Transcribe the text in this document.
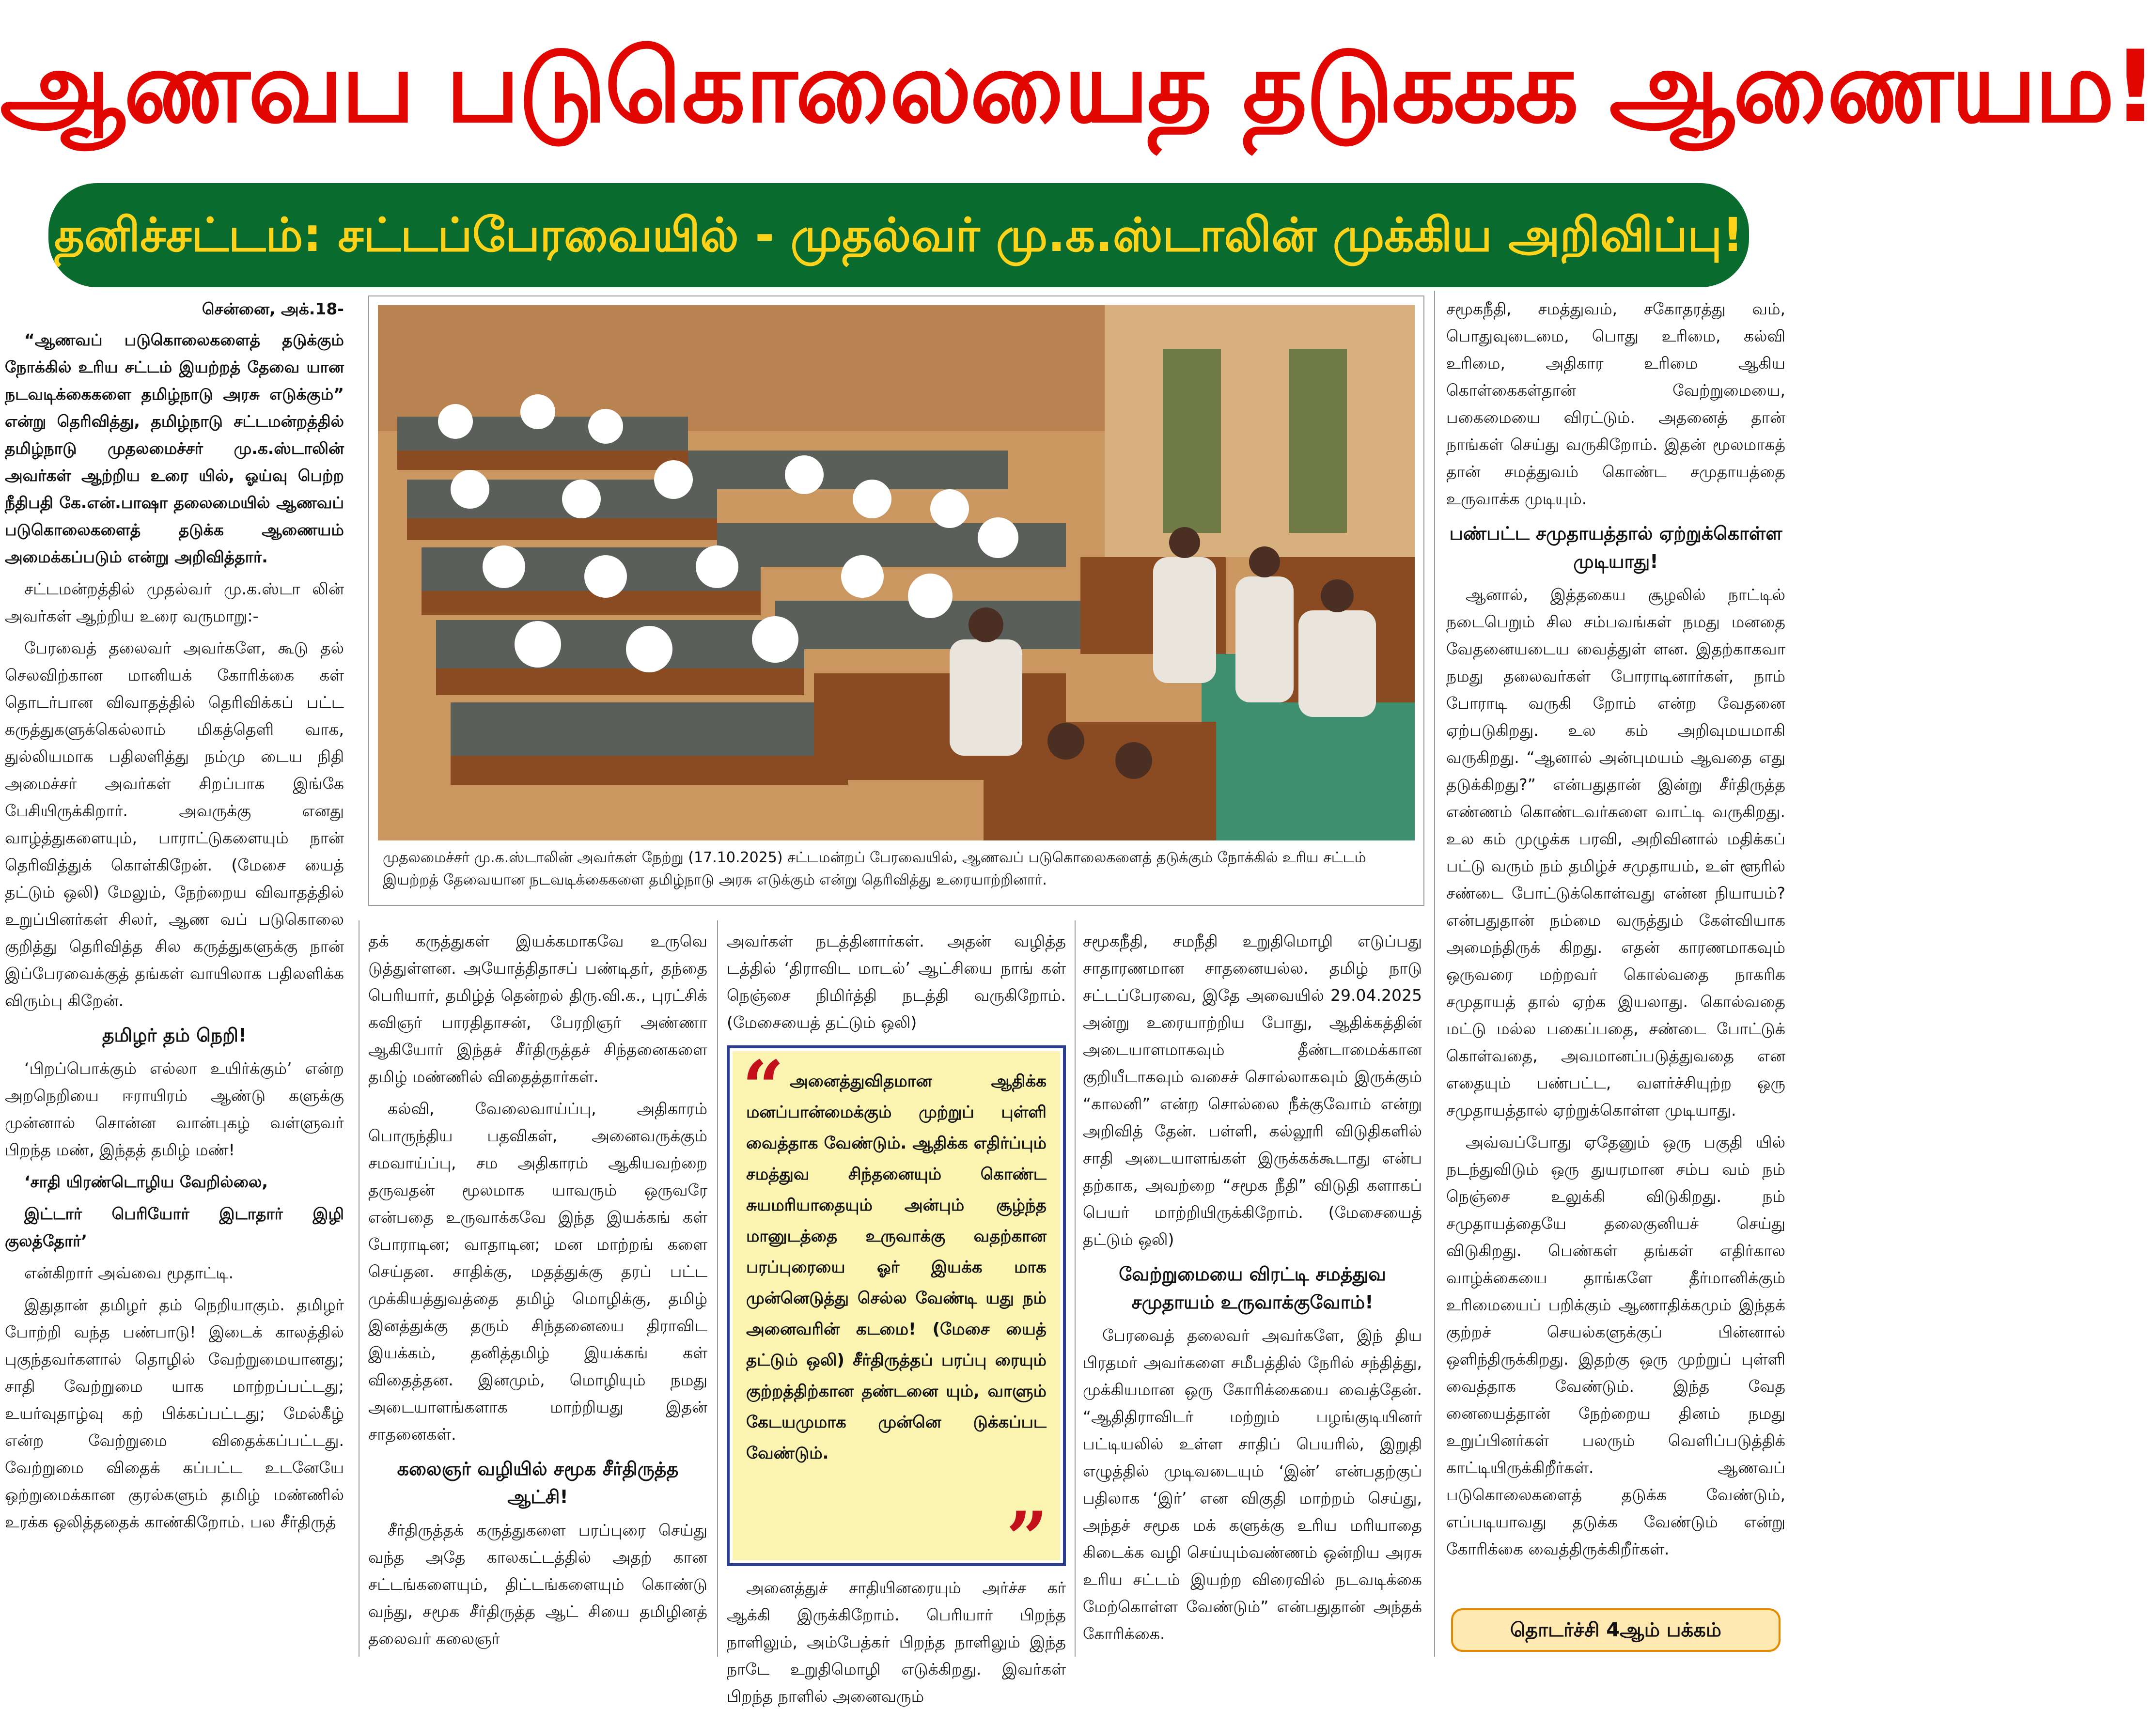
ஆணவப படுகொலையைத தடுககக ஆணையம!
தனிச்சட்டம்: சட்டப்பேரவையில் - முதல்வர் மு.க.ஸ்டாலின் முக்கிய அறிவிப்பு!
சென்னை, அக்.18-

“ஆணவப் படுகொலைகளைத் தடுக்கும் நோக்கில் உரிய சட்டம் இயற்றத் தேவை யான நடவடிக்கைகளை தமிழ்நாடு அரசு எடுக்கும்” என்று தெரிவித்து, தமிழ்நாடு சட்டமன்றத்தில் தமிழ்நாடு முதலமைச்சர் மு.க.ஸ்டாலின் அவர்கள் ஆற்றிய உரை யில், ஓய்வு பெற்ற நீதிபதி கே.என்.பாஷா தலைமையில் ஆணவப் படுகொலைகளைத் தடுக்க ஆணையம் அமைக்கப்படும் என்று அறிவித்தார்.

சட்டமன்றத்தில் முதல்வர் மு.க.ஸ்டா லின் அவர்கள் ஆற்றிய உரை வருமாறு:-

பேரவைத் தலைவர் அவர்களே, கூடு தல் செலவிற்கான மானியக் கோரிக்கை கள் தொடர்பான விவாதத்தில் தெரிவிக்கப் பட்ட கருத்துகளுக்கெல்லாம் மிகத்தெளி வாக, துல்லியமாக பதிலளித்து நம்மு டைய நிதி அமைச்சர் அவர்கள் சிறப்பாக இங்கே பேசியிருக்கிறார். அவருக்கு எனது வாழ்த்துகளையும், பாராட்டுகளையும் நான் தெரிவித்துக் கொள்கிறேன். (மேசை யைத் தட்டும் ஒலி) மேலும், நேற்றைய விவாதத்தில் உறுப்பினர்கள் சிலர், ஆண வப் படுகொலை குறித்து தெரிவித்த சில கருத்துகளுக்கு நான் இப்பேரவைக்குத் தங்கள் வாயிலாக பதிலளிக்க விரும்பு கிறேன்.

தமிழர் தம் நெறி!

‘பிறப்பொக்கும் எல்லா உயிர்க்கும்’ என்ற அறநெறியை ஈராயிரம் ஆண்டு களுக்கு முன்னால் சொன்ன வான்புகழ் வள்ளுவர் பிறந்த மண், இந்தத் தமிழ் மண்!

‘சாதி யிரண்டொழிய வேறில்லை,

இட்டார் பெரியோர் இடாதார் இழி குலத்தோர்’

என்கிறார் அவ்வை மூதாட்டி.

இதுதான் தமிழர் தம் நெறியாகும். தமிழர் போற்றி வந்த பண்பாடு! இடைக் காலத்தில் புகுந்தவர்களால் தொழில் வேற்றுமையானது; சாதி வேற்றுமை யாக மாற்றப்பட்டது; உயர்வுதாழ்வு கற் பிக்கப்பட்டது; மேல்கீழ் என்ற வேற்றுமை விதைக்கப்பட்டது. வேற்றுமை விதைக் கப்பட்ட உடனேயே ஒற்றுமைக்கான குரல்களும் தமிழ் மண்ணில் உரக்க ஒலித்ததைக் காண்கிறோம். பல சீர்திருத்

முதலமைச்சர் மு.க.ஸ்டாலின் அவர்கள் நேற்று (17.10.2025) சட்டமன்றப் பேரவையில், ஆணவப் படுகொலைகளைத் தடுக்கும் நோக்கில் உரிய சட்டம் இயற்றத் தேவையான நடவடிக்கைகளை தமிழ்நாடு அரசு எடுக்கும் என்று தெரிவித்து உரையாற்றினார்.

தக் கருத்துகள் இயக்கமாகவே உருவெ டுத்துள்ளன. அயோத்திதாசப் பண்டிதர், தந்தை பெரியார், தமிழ்த் தென்றல் திரு.வி.க., புரட்சிக் கவிஞர் பாரதிதாசன், பேரறிஞர் அண்ணா ஆகியோர் இந்தச் சீர்திருத்தச் சிந்தனைகளை தமிழ் மண்ணில் விதைத்தார்கள்.

கல்வி, வேலைவாய்ப்பு, அதிகாரம் பொருந்திய பதவிகள், அனைவருக்கும் சமவாய்ப்பு, சம அதிகாரம் ஆகியவற்றை தருவதன் மூலமாக யாவரும் ஒருவரே என்பதை உருவாக்கவே இந்த இயக்கங் கள் போராடின; வாதாடின; மன மாற்றங் களை செய்தன. சாதிக்கு, மதத்துக்கு தரப் பட்ட முக்கியத்துவத்தை தமிழ் மொழிக்கு, தமிழ் இனத்துக்கு தரும் சிந்தனையை திராவிட இயக்கம், தனித்தமிழ் இயக்கங் கள் விதைத்தன. இனமும், மொழியும் நமது அடையாளங்களாக மாற்றியது இதன் சாதனைகள்.

கலைஞர் வழியில் சமூக சீர்திருத்த ஆட்சி!

சீர்திருத்தக் கருத்துகளை பரப்புரை செய்து வந்த அதே காலகட்டத்தில் அதற் கான சட்டங்களையும், திட்டங்களையும் கொண்டு வந்து, சமூக சீர்திருத்த ஆட் சியை தமிழினத் தலைவர் கலைஞர்

அவர்கள் நடத்தினார்கள். அதன் வழித்த டத்தில் ‘திராவிட மாடல்’ ஆட்சியை நாங் கள் நெஞ்சை நிமிர்த்தி நடத்தி வருகிறோம். (மேசையைத் தட்டும் ஒலி)

“ அனைத்துவிதமான ஆதிக்க மனப்பான்மைக்கும் முற்றுப் புள்ளி வைத்தாக வேண்டும். ஆதிக்க எதிர்ப்பும் சமத்துவ சிந்தனையும் கொண்ட சுயமரியாதையும் அன்பும் சூழ்ந்த மானுடத்தை உருவாக்கு வதற்கான பரப்புரையை ஓர் இயக்க மாக முன்னெடுத்து செல்ல வேண்டி யது நம் அனைவரின் கடமை! (மேசை யைத் தட்டும் ஒலி) சீர்திருத்தப் பரப்பு ரையும் குற்றத்திற்கான தண்டனை யும், வாளும் கேடயமுமாக முன்னெ டுக்கப்பட வேண்டும்.
”

அனைத்துச் சாதியினரையும் அர்ச்ச கர் ஆக்கி இருக்கிறோம். பெரியார் பிறந்த நாளிலும், அம்பேத்கர் பிறந்த நாளிலும் இந்த நாடே உறுதிமொழி எடுக்கிறது. இவர்கள் பிறந்த நாளில் அனைவரும்

சமூகநீதி, சமநீதி உறுதிமொழி எடுப்பது சாதாரணமான சாதனையல்ல. தமிழ் நாடு சட்டப்பேரவை, இதே அவையில் 29.04.2025 அன்று உரையாற்றிய போது, ஆதிக்கத்தின் அடையாளமாகவும் தீண்டாமைக்கான குறியீடாகவும் வசைச் சொல்லாகவும் இருக்கும் “காலனி” என்ற சொல்லை நீக்குவோம் என்று அறிவித் தேன். பள்ளி, கல்லூரி விடுதிகளில் சாதி அடையாளங்கள் இருக்கக்கூடாது என்ப தற்காக, அவற்றை “சமூக நீதி” விடுதி களாகப் பெயர் மாற்றியிருக்கிறோம். (மேசையைத் தட்டும் ஒலி)

வேற்றுமையை விரட்டி சமத்துவ சமுதாயம் உருவாக்குவோம்!

பேரவைத் தலைவர் அவர்களே, இந் திய பிரதமர் அவர்களை சமீபத்தில் நேரில் சந்தித்து, முக்கியமான ஒரு கோரிக்கையை வைத்தேன். “ஆதிதிராவிடர் மற்றும் பழங்குடியினர் பட்டியலில் உள்ள சாதிப் பெயரில், இறுதி எழுத்தில் முடிவடையும் ‘இன்’ என்பதற்குப் பதிலாக ‘இர்’ என விகுதி மாற்றம் செய்து, அந்தச் சமூக மக் களுக்கு உரிய மரியாதை கிடைக்க வழி செய்யும்வண்ணம் ஒன்றிய அரசு உரிய சட்டம் இயற்ற விரைவில் நடவடிக்கை மேற்கொள்ள வேண்டும்” என்பதுதான் அந்தக் கோரிக்கை.

சமூகநீதி, சமத்துவம், சகோதரத்து வம், பொதுவுடைமை, பொது உரிமை, கல்வி உரிமை, அதிகார உரிமை ஆகிய கொள்கைகள்தான் வேற்றுமையை, பகைமையை விரட்டும். அதனைத் தான் நாங்கள் செய்து வருகிறோம். இதன் மூலமாகத் தான் சமத்துவம் கொண்ட சமுதாயத்தை உருவாக்க முடியும்.

பண்பட்ட சமுதாயத்தால் ஏற்றுக்கொள்ள முடியாது!

ஆனால், இத்தகைய சூழலில் நாட்டில் நடைபெறும் சில சம்பவங்கள் நமது மனதை வேதனையடைய வைத்துள் ளன. இதற்காகவா நமது தலைவர்கள் போராடினார்கள், நாம் போராடி வருகி றோம் என்ற வேதனை ஏற்படுகிறது. உல கம் அறிவுமயமாகி வருகிறது. “ஆனால் அன்புமயம் ஆவதை எது தடுக்கிறது?” என்பதுதான் இன்று சீர்திருத்த எண்ணம் கொண்டவர்களை வாட்டி வருகிறது. உல கம் முழுக்க பரவி, அறிவினால் மதிக்கப் பட்டு வரும் நம் தமிழ்ச் சமுதாயம், உள் ளூரில் சண்டை போட்டுக்கொள்வது என்ன நியாயம்? என்பதுதான் நம்மை வருத்தும் கேள்வியாக அமைந்திருக் கிறது. எதன் காரணமாகவும் ஒருவரை மற்றவர் கொல்வதை நாகரிக சமுதாயத் தால் ஏற்க இயலாது. கொல்வதை மட்டு மல்ல பகைப்பதை, சண்டை போட்டுக் கொள்வதை, அவமானப்படுத்துவதை என எதையும் பண்பட்ட, வளர்ச்சியுற்ற ஒரு சமுதாயத்தால் ஏற்றுக்கொள்ள முடியாது.

அவ்வப்போது ஏதேனும் ஒரு பகுதி யில் நடந்துவிடும் ஒரு துயரமான சம்ப வம் நம் நெஞ்சை உலுக்கி விடுகிறது. நம் சமுதாயத்தையே தலைகுனியச் செய்து விடுகிறது. பெண்கள் தங்கள் எதிர்கால வாழ்க்கையை தாங்களே தீர்மானிக்கும் உரிமையைப் பறிக்கும் ஆணாதிக்கமும் இந்தக் குற்றச் செயல்களுக்குப் பின்னால் ஒளிந்திருக்கிறது. இதற்கு ஒரு முற்றுப் புள்ளி வைத்தாக வேண்டும். இந்த வேத னையைத்தான் நேற்றைய தினம் நமது உறுப்பினர்கள் பலரும் வெளிப்படுத்திக் காட்டியிருக்கிறீர்கள். ஆணவப் படுகொலைகளைத் தடுக்க வேண்டும், எப்படியாவது தடுக்க வேண்டும் என்று கோரிக்கை வைத்திருக்கிறீர்கள்.

தொடர்ச்சி 4ஆம் பக்கம்
